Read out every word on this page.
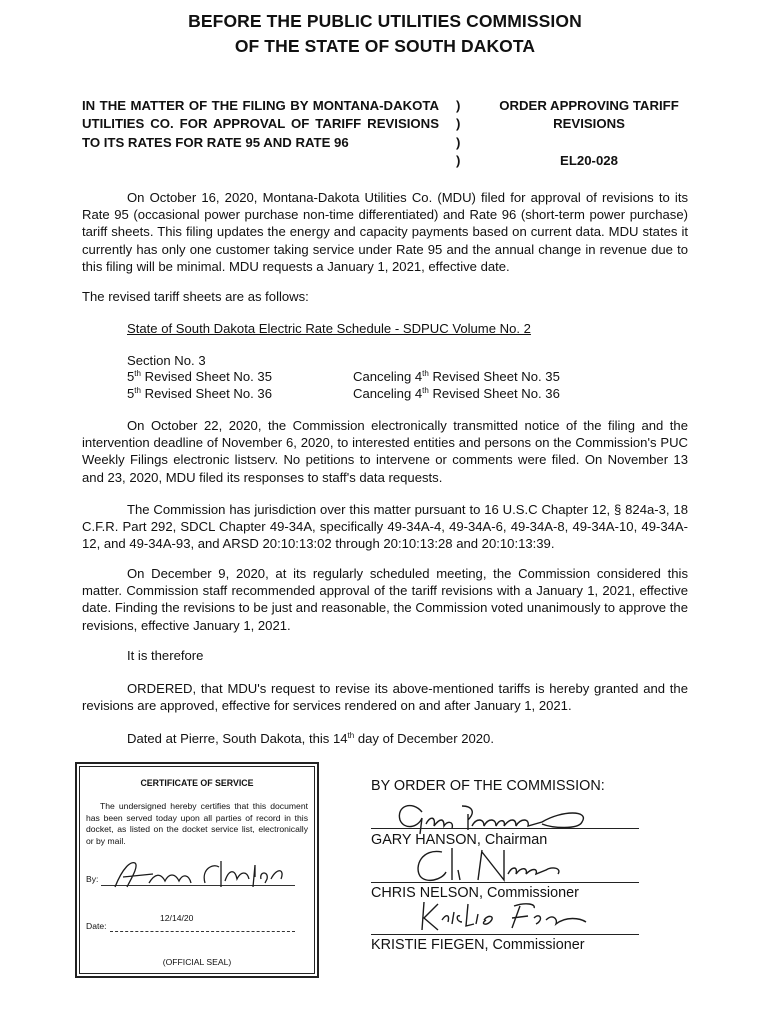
BEFORE THE PUBLIC UTILITIES COMMISSION
OF THE STATE OF SOUTH DAKOTA
IN THE MATTER OF THE FILING BY MONTANA-DAKOTA UTILITIES CO. FOR APPROVAL OF TARIFF REVISIONS TO ITS RATES FOR RATE 95 AND RATE 96
)
)
)
)
ORDER APPROVING TARIFF REVISIONS
EL20-028
On October 16, 2020, Montana-Dakota Utilities Co. (MDU) filed for approval of revisions to its Rate 95 (occasional power purchase non-time differentiated) and Rate 96 (short-term power purchase) tariff sheets. This filing updates the energy and capacity payments based on current data. MDU states it currently has only one customer taking service under Rate 95 and the annual change in revenue due to this filing will be minimal. MDU requests a January 1, 2021, effective date.
The revised tariff sheets are as follows:
State of South Dakota Electric Rate Schedule - SDPUC Volume No. 2
Section No. 3
5th Revised Sheet No. 35	Canceling 4th Revised Sheet No. 35
5th Revised Sheet No. 36	Canceling 4th Revised Sheet No. 36
On October 22, 2020, the Commission electronically transmitted notice of the filing and the intervention deadline of November 6, 2020, to interested entities and persons on the Commission's PUC Weekly Filings electronic listserv. No petitions to intervene or comments were filed. On November 13 and 23, 2020, MDU filed its responses to staff's data requests.
The Commission has jurisdiction over this matter pursuant to 16 U.S.C Chapter 12, § 824a-3, 18 C.F.R. Part 292, SDCL Chapter 49-34A, specifically 49-34A-4, 49-34A-6, 49-34A-8, 49-34A-10, 49-34A-12, and 49-34A-93, and ARSD 20:10:13:02 through 20:10:13:28 and 20:10:13:39.
On December 9, 2020, at its regularly scheduled meeting, the Commission considered this matter. Commission staff recommended approval of the tariff revisions with a January 1, 2021, effective date. Finding the revisions to be just and reasonable, the Commission voted unanimously to approve the revisions, effective January 1, 2021.
It is therefore
ORDERED, that MDU's request to revise its above-mentioned tariffs is hereby granted and the revisions are approved, effective for services rendered on and after January 1, 2021.
Dated at Pierre, South Dakota, this 14th day of December 2020.
CERTIFICATE OF SERVICE
The undersigned hereby certifies that this document has been served today upon all parties of record in this docket, as listed on the docket service list, electronically or by mail.
By:
12/14/20
Date:
(OFFICIAL SEAL)
BY ORDER OF THE COMMISSION:
GARY HANSON, Chairman
CHRIS NELSON, Commissioner
KRISTIE FIEGEN, Commissioner
